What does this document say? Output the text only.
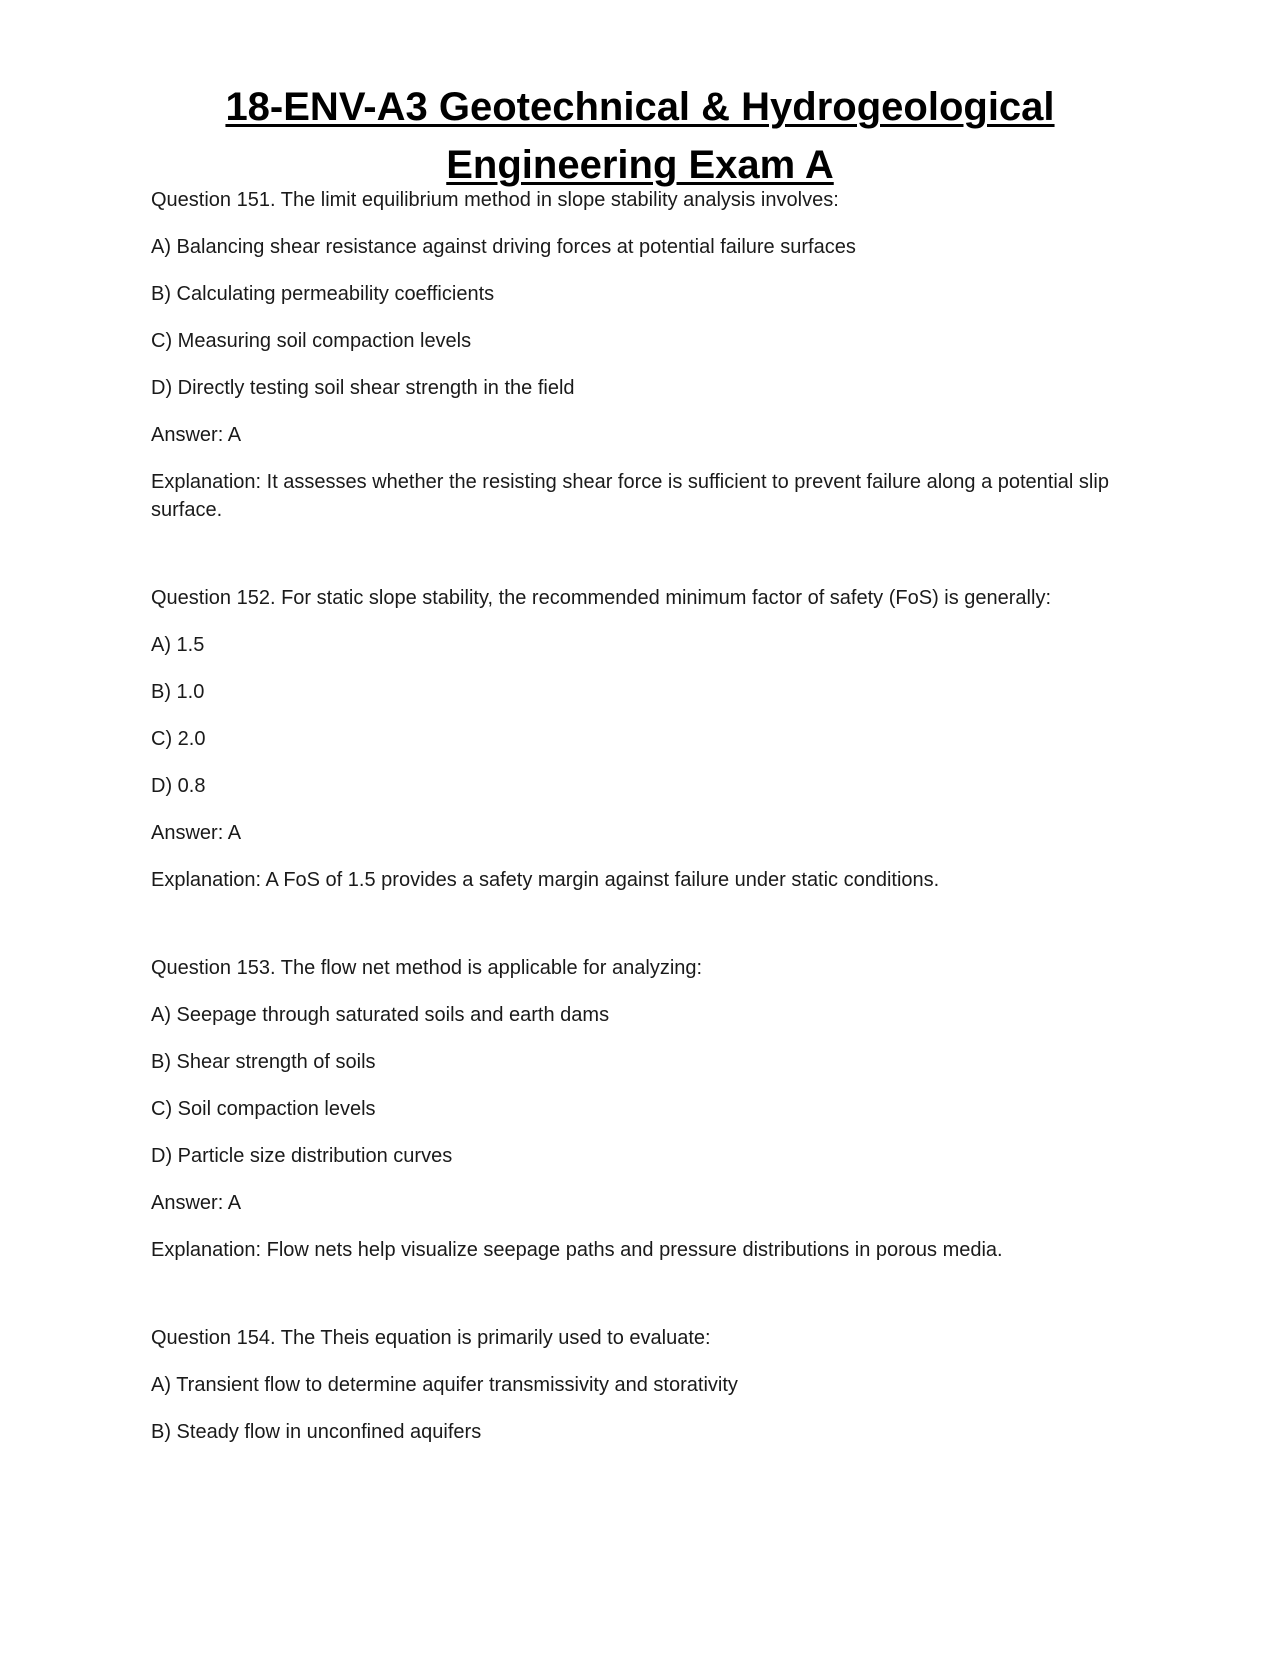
18-ENV-A3 Geotechnical & Hydrogeological
Engineering Exam A

Question 151. The limit equilibrium method in slope stability analysis involves:

A) Balancing shear resistance against driving forces at potential failure surfaces

B) Calculating permeability coefficients

C) Measuring soil compaction levels

D) Directly testing soil shear strength in the field

Answer: A

Explanation: It assesses whether the resisting shear force is sufficient to prevent failure along a potential slip surface.

Question 152. For static slope stability, the recommended minimum factor of safety (FoS) is generally:

A) 1.5

B) 1.0

C) 2.0

D) 0.8

Answer: A

Explanation: A FoS of 1.5 provides a safety margin against failure under static conditions.

Question 153. The flow net method is applicable for analyzing:

A) Seepage through saturated soils and earth dams

B) Shear strength of soils

C) Soil compaction levels

D) Particle size distribution curves

Answer: A

Explanation: Flow nets help visualize seepage paths and pressure distributions in porous media.

Question 154. The Theis equation is primarily used to evaluate:

A) Transient flow to determine aquifer transmissivity and storativity

B) Steady flow in unconfined aquifers
